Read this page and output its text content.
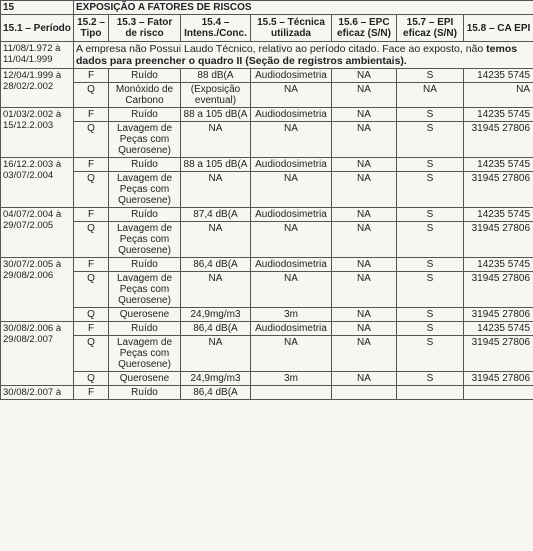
15	EXPOSIÇÃO A FATORES DE RISCOS						
15.1 – Período	15.2 – Tipo	15.3 – Fator de risco	15.4 – Intens./Conc.	15.5 – Técnica utilizada	15.6 – EPC eficaz (S/N)	15.7 – EPI eficaz (S/N)	15.8 – CA EPI
11/08/1.972 à 11/04/1.999	A empresa não Possui Laudo Técnico, relativo ao período citado. Face ao exposto, não temos dados para preencher o quadro II (Seção de registros ambientais).						
12/04/1.999 à 28/02/2.002	F	Ruído	88 dB(A	Audiodosimetria	NA	S	14235 5745
	Q	Monóxido de Carbono	(Exposição eventual)	NA	NA	NA	NA
01/03/2.002 à 15/12.2.003	F	Ruído	88 a 105 dB(A	Audiodosimetria	NA	S	14235 5745
	Q	Lavagem de Peças com Querosene)	NA	NA	NA	S	31945 27806
16/12.2.003 à 03/07/2.004	F	Ruído	88 a 105 dB(A	Audiodosimetria	NA	S	14235 5745
	Q	Lavagem de Peças com Querosene)	NA	NA	NA	S	31945 27806
04/07/2.004 à 29/07/2.005	F	Ruído	87,4 dB(A	Audiodosimetria	NA	S	14235 5745
	Q	Lavagem de Peças com Querosene)	NA	NA	NA	S	31945 27806
30/07/2.005 à 29/08/2.006	F	Ruído	86,4 dB(A	Audiodosimetria	NA	S	14235 5745
	Q	Lavagem de Peças com Querosene)	NA	NA	NA	S	31945 27806
	Q	Querosene	24,9mg/m3	3m	NA	S	31945 27806
30/08/2.006 à 29/08/2.007	F	Ruído	86,4 dB(A	Audiodosimetria	NA	S	14235 5745
	Q	Lavagem de Peças com Querosene)	NA	NA	NA	S	31945 27806
	Q	Querosene	24,9mg/m3	3m	NA	S	31945 27806
30/08/2.007 à	F	Ruído	86,4 dB(A				
